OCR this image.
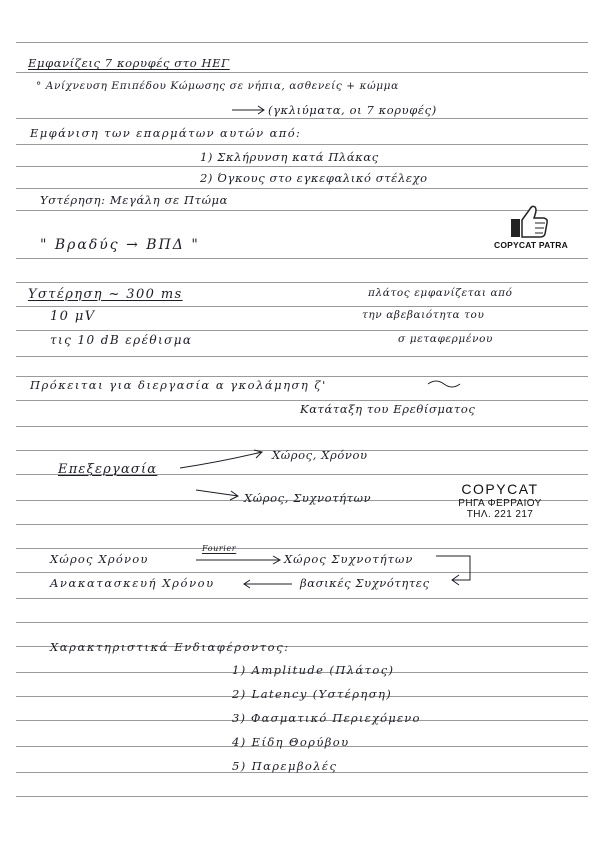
Εμφανίζεις 7 κορυφές στο ΗΕΓ
° Ανίχνευση Επιπέδου Κώμωσης σε νήπια, ασθενείς + κώμμα
(γκλιύματα, οι 7 κορυφές)
Εμφάνιση των επαρμάτων αυτών από:
1) Σκλήρυνση κατά Πλάκας
2) Όγκους στο εγκεφαλικό στέλεχο
Υστέρηση: Μεγάλη σε Πτώμα
" Βραδύς → ΒΠΔ "
Υστέρηση ~ 300 ms	πλάτος εμφανίζεται από
10 μV	την αβεβαιότητα του
τις 10 dB ερέθισμα	σ μεταφερμένου
Πρόκειται για διεργασία α γκολάμηση ζ'
Κατάταξη του Ερεθίσματος
Επεξεργασία
Χώρος, Χρόνου
Χώρος, Συχνοτήτων
Χώρος Χρόνου
Fourier
Χώρος Συχνοτήτων
Ανακατασκευή Χρόνου	βασικές Συχνότητες
Χαρακτηριστικά Ενδιαφέροντος:
1) Amplitude (Πλάτος)
2) Latency (Υστέρηση)
3) Φασματικό Περιεχόμενο
4) Είδη Θορύβου
5) Παρεμβολές
COPYCAT PATRA
COPYCAT
ΡΗΓΑ ΦΕΡΡΑΙΟΥ
ΤΗΛ. 221 217
